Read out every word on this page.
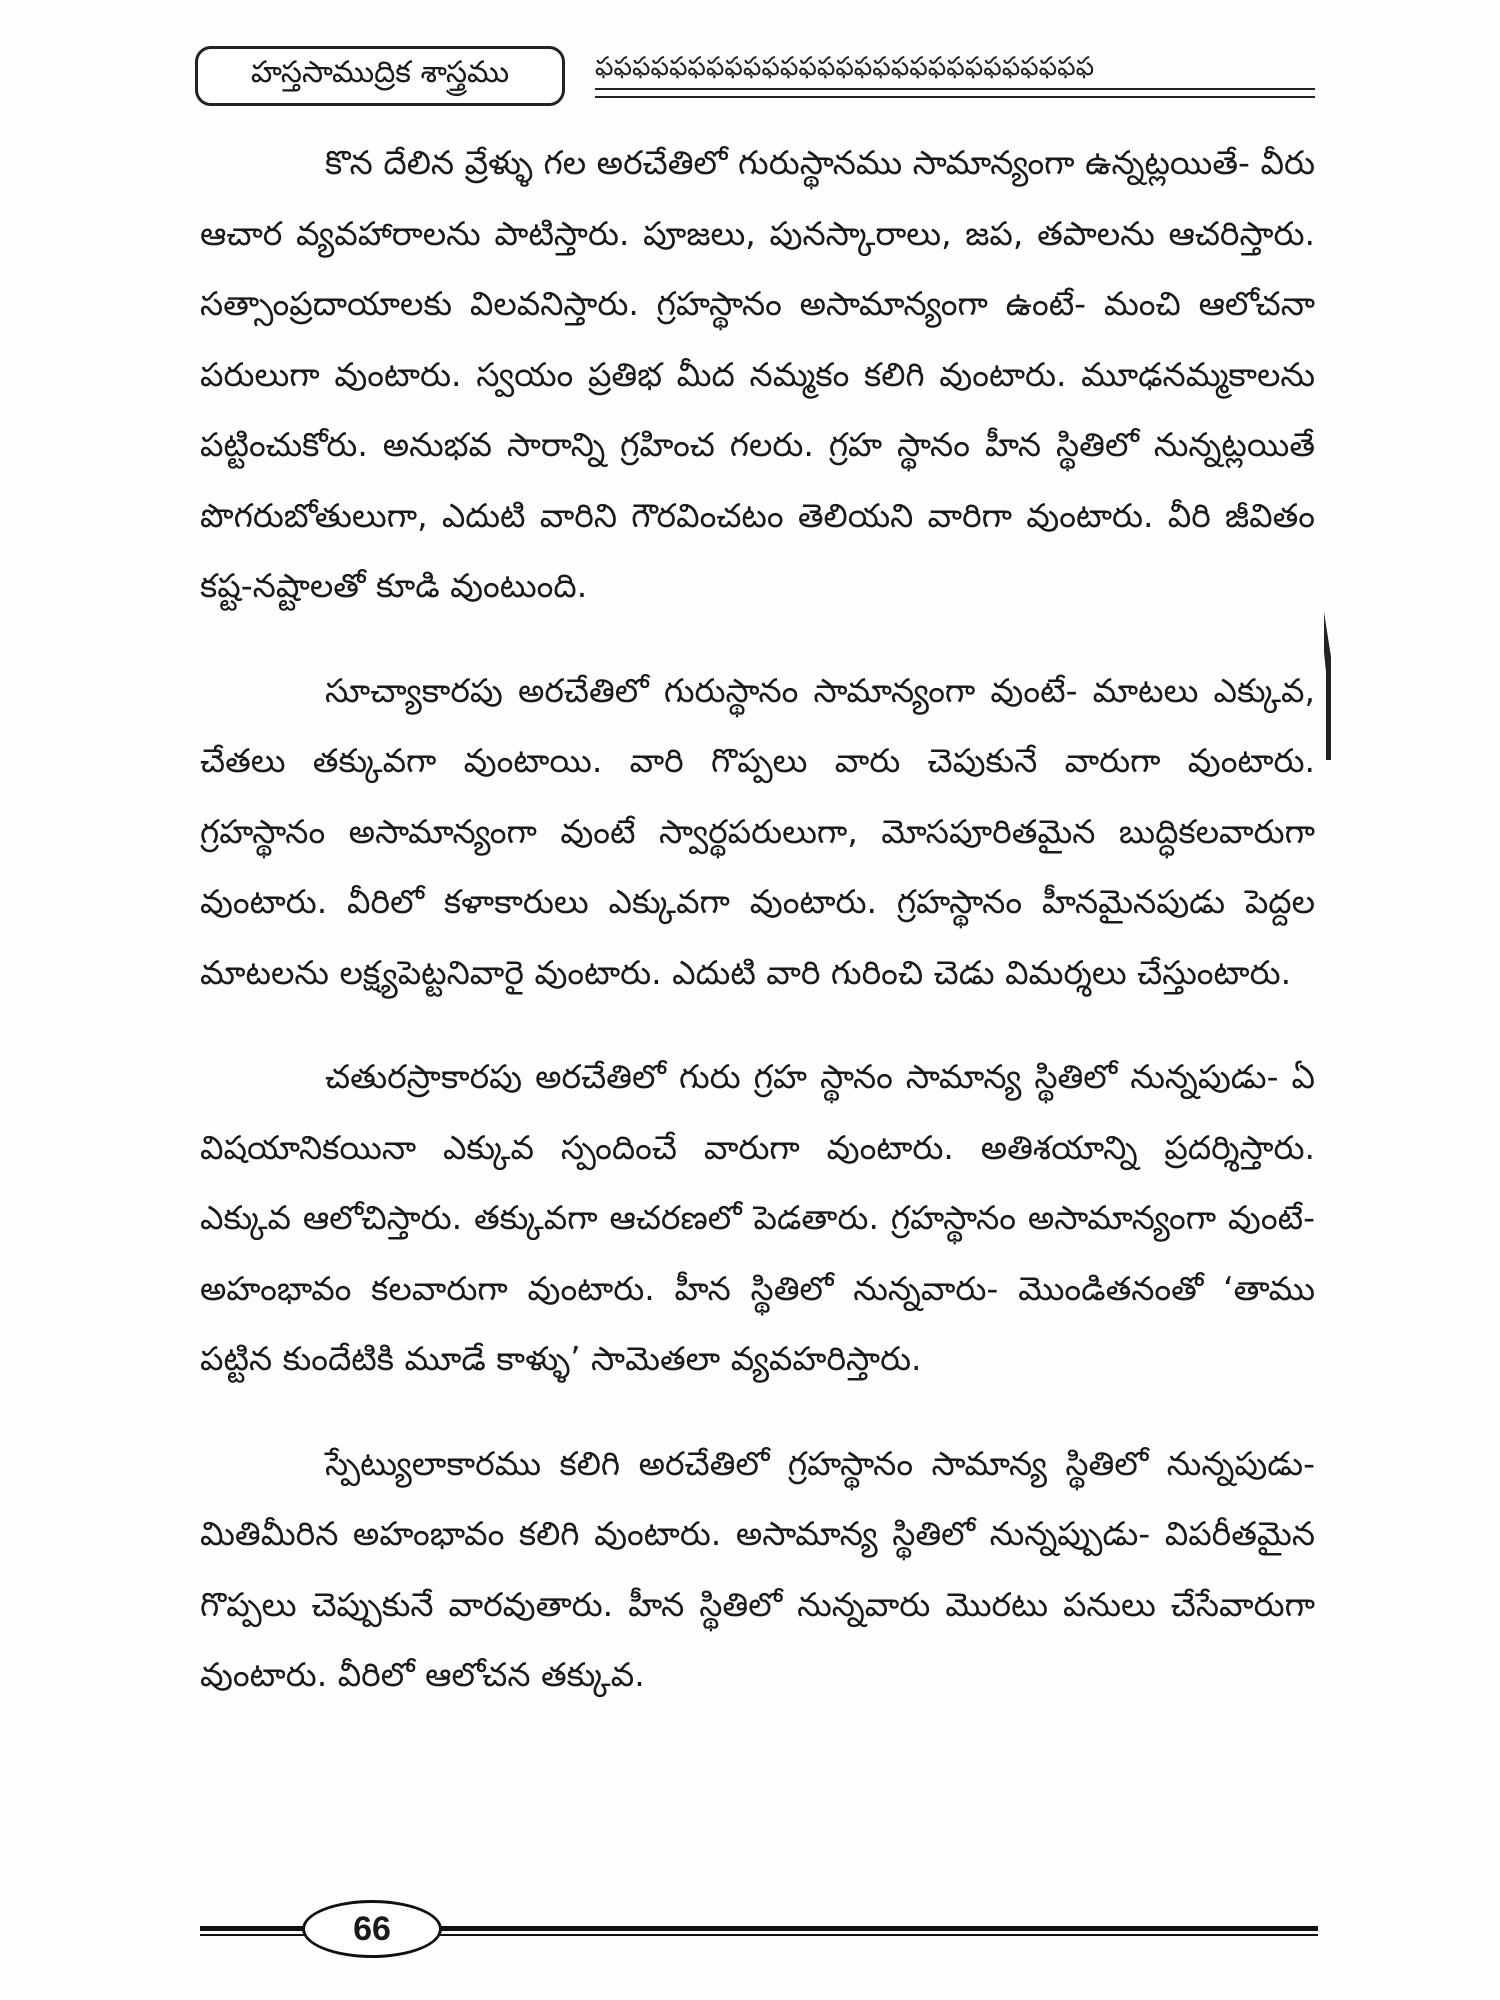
హస్తసాముద్రిక శాస్త్రము	ఫఫఫఫఫఫఫఫఫఫఫఫఫఫఫఫఫఫఫఫఫఫఫఫఫఫఫ

కొన దేలిన వ్రేళ్ళు గల అరచేతిలో గురుస్థానము సామాన్యంగా ఉన్నట్లయితే- వీరు ఆచార వ్యవహారాలను పాటిస్తారు. పూజలు, పునస్కారాలు, జప, తపాలను ఆచరిస్తారు. సత్సాంప్రదాయాలకు విలవనిస్తారు. గ్రహస్థానం అసామాన్యంగా ఉంటే- మంచి ఆలోచనా పరులుగా వుంటారు. స్వయం ప్రతిభ మీద నమ్మకం కలిగి వుంటారు. మూఢనమ్మకాలను పట్టించుకోరు. అనుభవ సారాన్ని గ్రహించ గలరు. గ్రహ స్థానం హీన స్థితిలో నున్నట్లయితే పొగరుబోతులుగా, ఎదుటి వారిని గౌరవించటం తెలియని వారిగా వుంటారు. వీరి జీవితం కష్ట-నష్టాలతో కూడి వుంటుంది.

సూచ్యాకారపు అరచేతిలో గురుస్థానం సామాన్యంగా వుంటే- మాటలు ఎక్కువ, చేతలు తక్కువగా వుంటాయి. వారి గొప్పలు వారు చెపుకునే వారుగా వుంటారు. గ్రహస్థానం అసామాన్యంగా వుంటే స్వార్థపరులుగా, మోసపూరితమైన బుద్ధికలవారుగా వుంటారు. వీరిలో కళాకారులు ఎక్కువగా వుంటారు. గ్రహస్థానం హీనమైనపుడు పెద్దల మాటలను లక్ష్యపెట్టనివారై వుంటారు. ఎదుటి వారి గురించి చెడు విమర్శలు చేస్తుంటారు.

చతురస్రాకారపు అరచేతిలో గురు గ్రహ స్థానం సామాన్య స్థితిలో నున్నపుడు- ఏ విషయానికయినా ఎక్కువ స్పందించే వారుగా వుంటారు. అతిశయాన్ని ప్రదర్శిస్తారు. ఎక్కువ ఆలోచిస్తారు. తక్కువగా ఆచరణలో పెడతారు. గ్రహస్థానం అసామాన్యంగా వుంటే- అహంభావం కలవారుగా వుంటారు. హీన స్థితిలో నున్నవారు- మొండితనంతో ‘తాము పట్టిన కుందేటికి మూడే కాళ్ళు’ సామెతలా వ్యవహరిస్తారు.

స్పేట్యులాకారము కలిగి అరచేతిలో గ్రహస్థానం సామాన్య స్థితిలో నున్నపుడు- మితిమీరిన అహంభావం కలిగి వుంటారు. అసామాన్య స్థితిలో నున్నప్పుడు- విపరీతమైన గొప్పలు చెప్పుకునే వారవుతారు. హీన స్థితిలో నున్నవారు మొరటు పనులు చేసేవారుగా వుంటారు. వీరిలో ఆలోచన తక్కువ.

66
